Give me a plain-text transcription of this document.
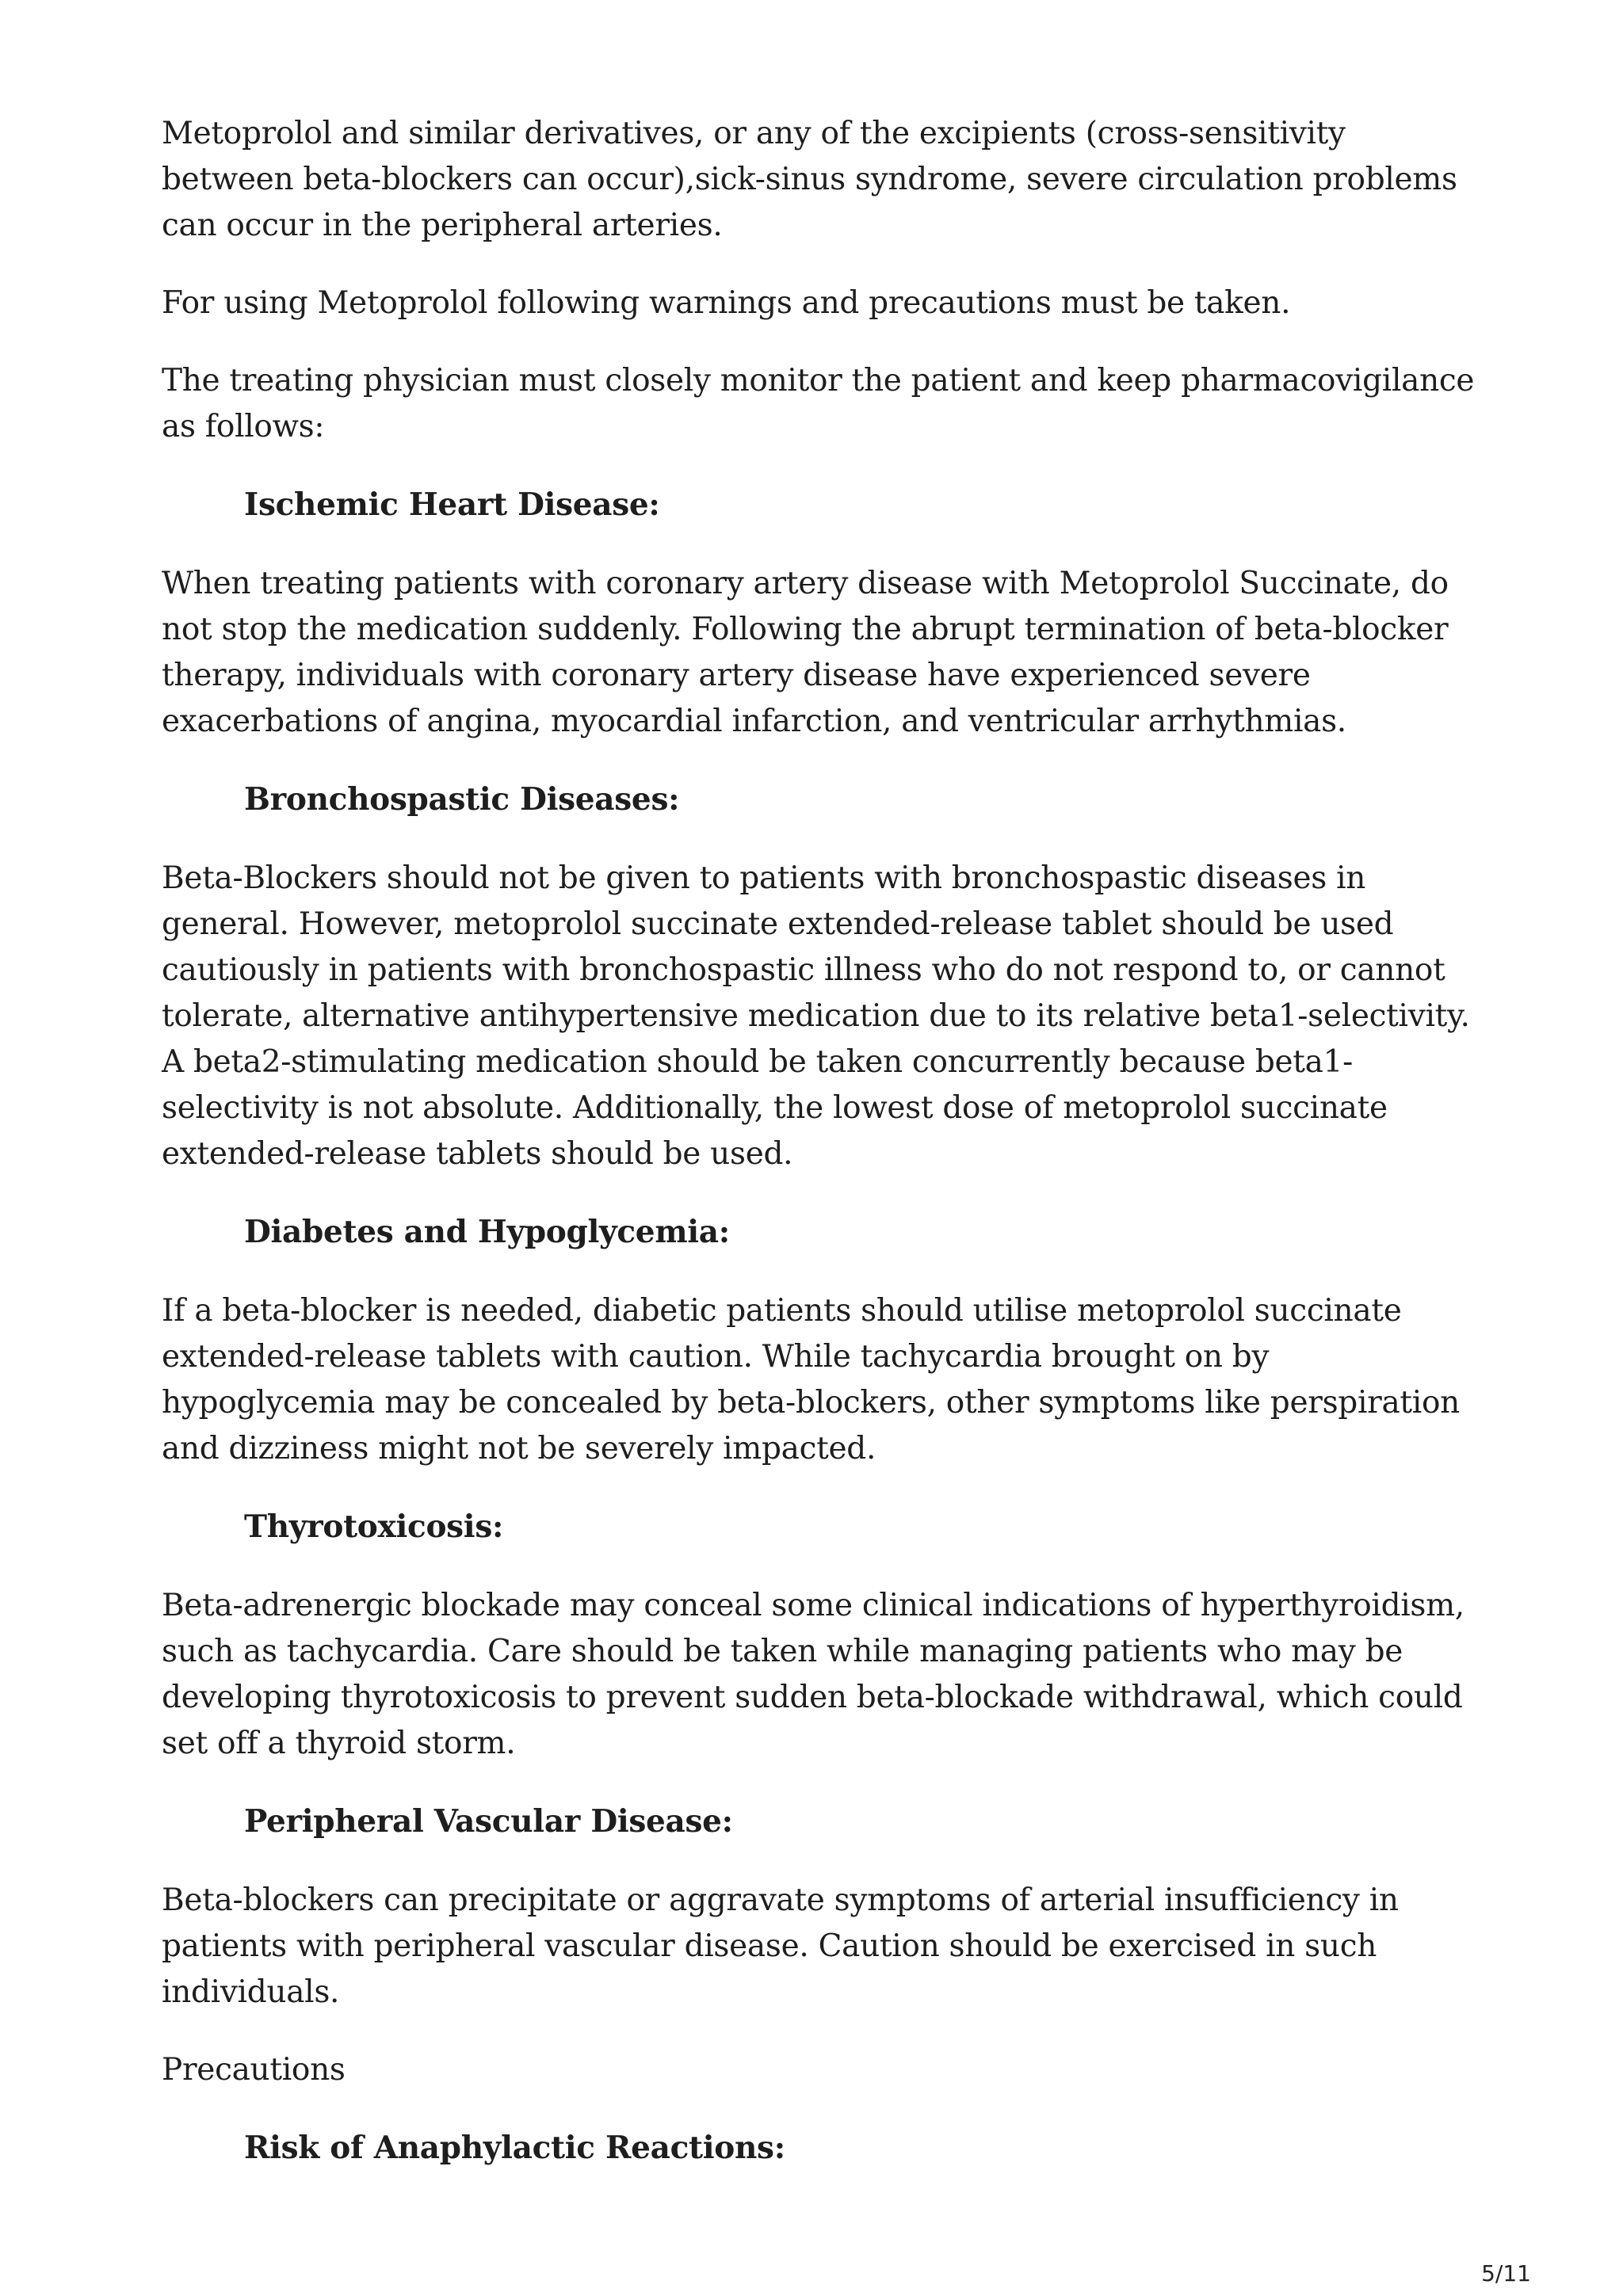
Metoprolol and similar derivatives, or any of the excipients (cross-sensitivity between beta-blockers can occur),sick-sinus syndrome, severe circulation problems can occur in the peripheral arteries.

For using Metoprolol following warnings and precautions must be taken.

The treating physician must closely monitor the patient and keep pharmacovigilance as follows:

Ischemic Heart Disease:

When treating patients with coronary artery disease with Metoprolol Succinate, do not stop the medication suddenly. Following the abrupt termination of beta-blocker therapy, individuals with coronary artery disease have experienced severe exacerbations of angina, myocardial infarction, and ventricular arrhythmias.

Bronchospastic Diseases:

Beta-Blockers should not be given to patients with bronchospastic diseases in general. However, metoprolol succinate extended-release tablet should be used cautiously in patients with bronchospastic illness who do not respond to, or cannot tolerate, alternative antihypertensive medication due to its relative beta1-selectivity. A beta2-stimulating medication should be taken concurrently because beta1- selectivity is not absolute. Additionally, the lowest dose of metoprolol succinate extended-release tablets should be used.

Diabetes and Hypoglycemia:

If a beta-blocker is needed, diabetic patients should utilise metoprolol succinate extended-release tablets with caution. While tachycardia brought on by hypoglycemia may be concealed by beta-blockers, other symptoms like perspiration and dizziness might not be severely impacted.

Thyrotoxicosis:

Beta-adrenergic blockade may conceal some clinical indications of hyperthyroidism, such as tachycardia. Care should be taken while managing patients who may be developing thyrotoxicosis to prevent sudden beta-blockade withdrawal, which could set off a thyroid storm.

Peripheral Vascular Disease:

Beta-blockers can precipitate or aggravate symptoms of arterial insufficiency in patients with peripheral vascular disease. Caution should be exercised in such individuals.

Precautions

Risk of Anaphylactic Reactions:

5/11
